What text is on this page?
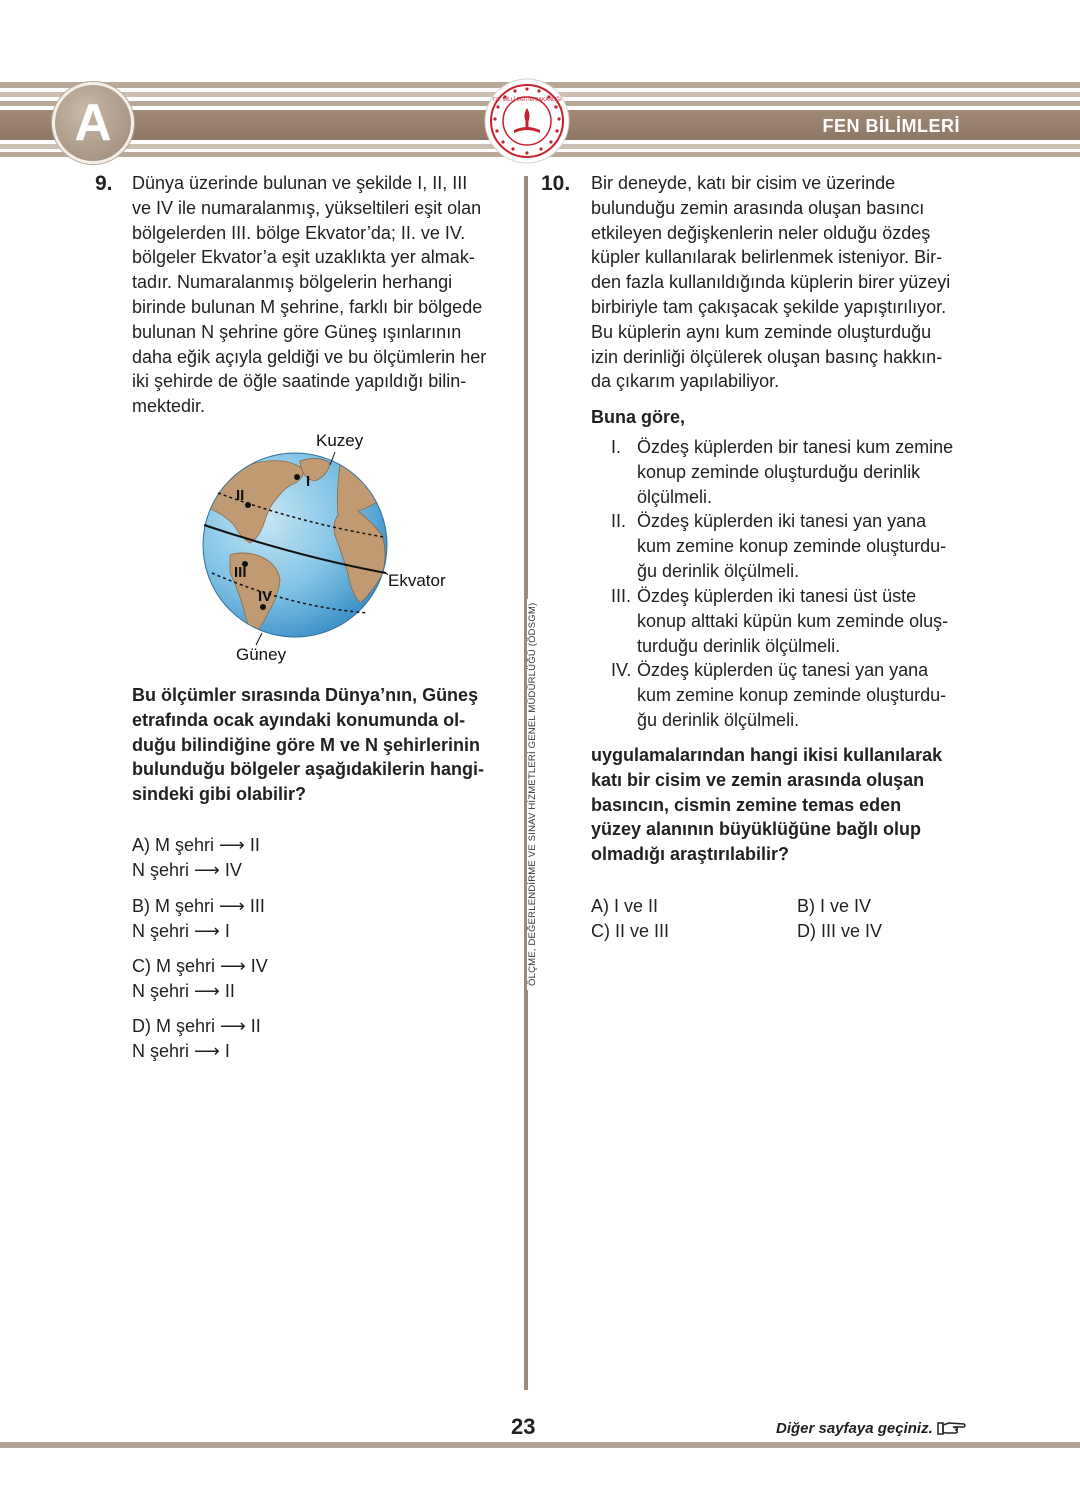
A	T.C. MİLLÎ EĞİTİM BAKANLIĞI
FEN BİLİMLERİ
9. Dünya üzerinde bulunan ve şekilde I, II, III
ve IV ile numaralanmış, yükseltileri eşit olan
bölgelerden III. bölge Ekvator’da; II. ve IV.
bölgeler Ekvator’a eşit uzaklıkta yer almak-
tadır. Numaralanmış bölgelerin herhangi
birinde bulunan M şehrine, farklı bir bölgede
bulunan N şehrine göre Güneş ışınlarının
daha eğik açıyla geldiği ve bu ölçümlerin her
iki şehirde de öğle saatinde yapıldığı bilin-
mektedir.
I
II
III
IV
Kuzey
Güney
Ekvator
Bu ölçümler sırasında Dünya’nın, Güneş
etrafında ocak ayındaki konumunda ol-
duğu bilindiğine göre M ve N şehirlerinin
bulunduğu bölgeler aşağıdakilerin hangi-
sindeki gibi olabilir?
A) M şehri ⟶ II
N şehri ⟶ IV
B) M şehri ⟶ III
N şehri ⟶ I
C) M şehri ⟶ IV
N şehri ⟶ II
D) M şehri ⟶ II
N şehri ⟶ I
ÖLÇME, DEĞERLENDİRME VE SINAV HİZMETLERİ GENEL MÜDÜRLÜĞÜ (ÖDSGM)
10. Bir deneyde, katı bir cisim ve üzerinde
bulunduğu zemin arasında oluşan basıncı
etkileyen değişkenlerin neler olduğu özdeş
küpler kullanılarak belirlenmek isteniyor. Bir-
den fazla kullanıldığında küplerin birer yüzeyi
birbiriyle tam çakışacak şekilde yapıştırılıyor.
Bu küplerin aynı kum zeminde oluşturduğu
izin derinliği ölçülerek oluşan basınç hakkın-
da çıkarım yapılabiliyor.
Buna göre,
I. Özdeş küplerden bir tanesi kum zemine
konup zeminde oluşturduğu derinlik
ölçülmeli.
II. Özdeş küplerden iki tanesi yan yana
kum zemine konup zeminde oluşturdu-
ğu derinlik ölçülmeli.
III. Özdeş küplerden iki tanesi üst üste
konup alttaki küpün kum zeminde oluş-
turduğu derinlik ölçülmeli.
IV. Özdeş küplerden üç tanesi yan yana
kum zemine konup zeminde oluşturdu-
ğu derinlik ölçülmeli.
uygulamalarından hangi ikisi kullanılarak
katı bir cisim ve zemin arasında oluşan
basıncın, cismin zemine temas eden
yüzey alanının büyüklüğüne bağlı olup
olmadığı araştırılabilir?
A) I ve II	B) I ve IV
C) II ve III	D) III ve IV
23	Diğer sayfaya geçiniz.
